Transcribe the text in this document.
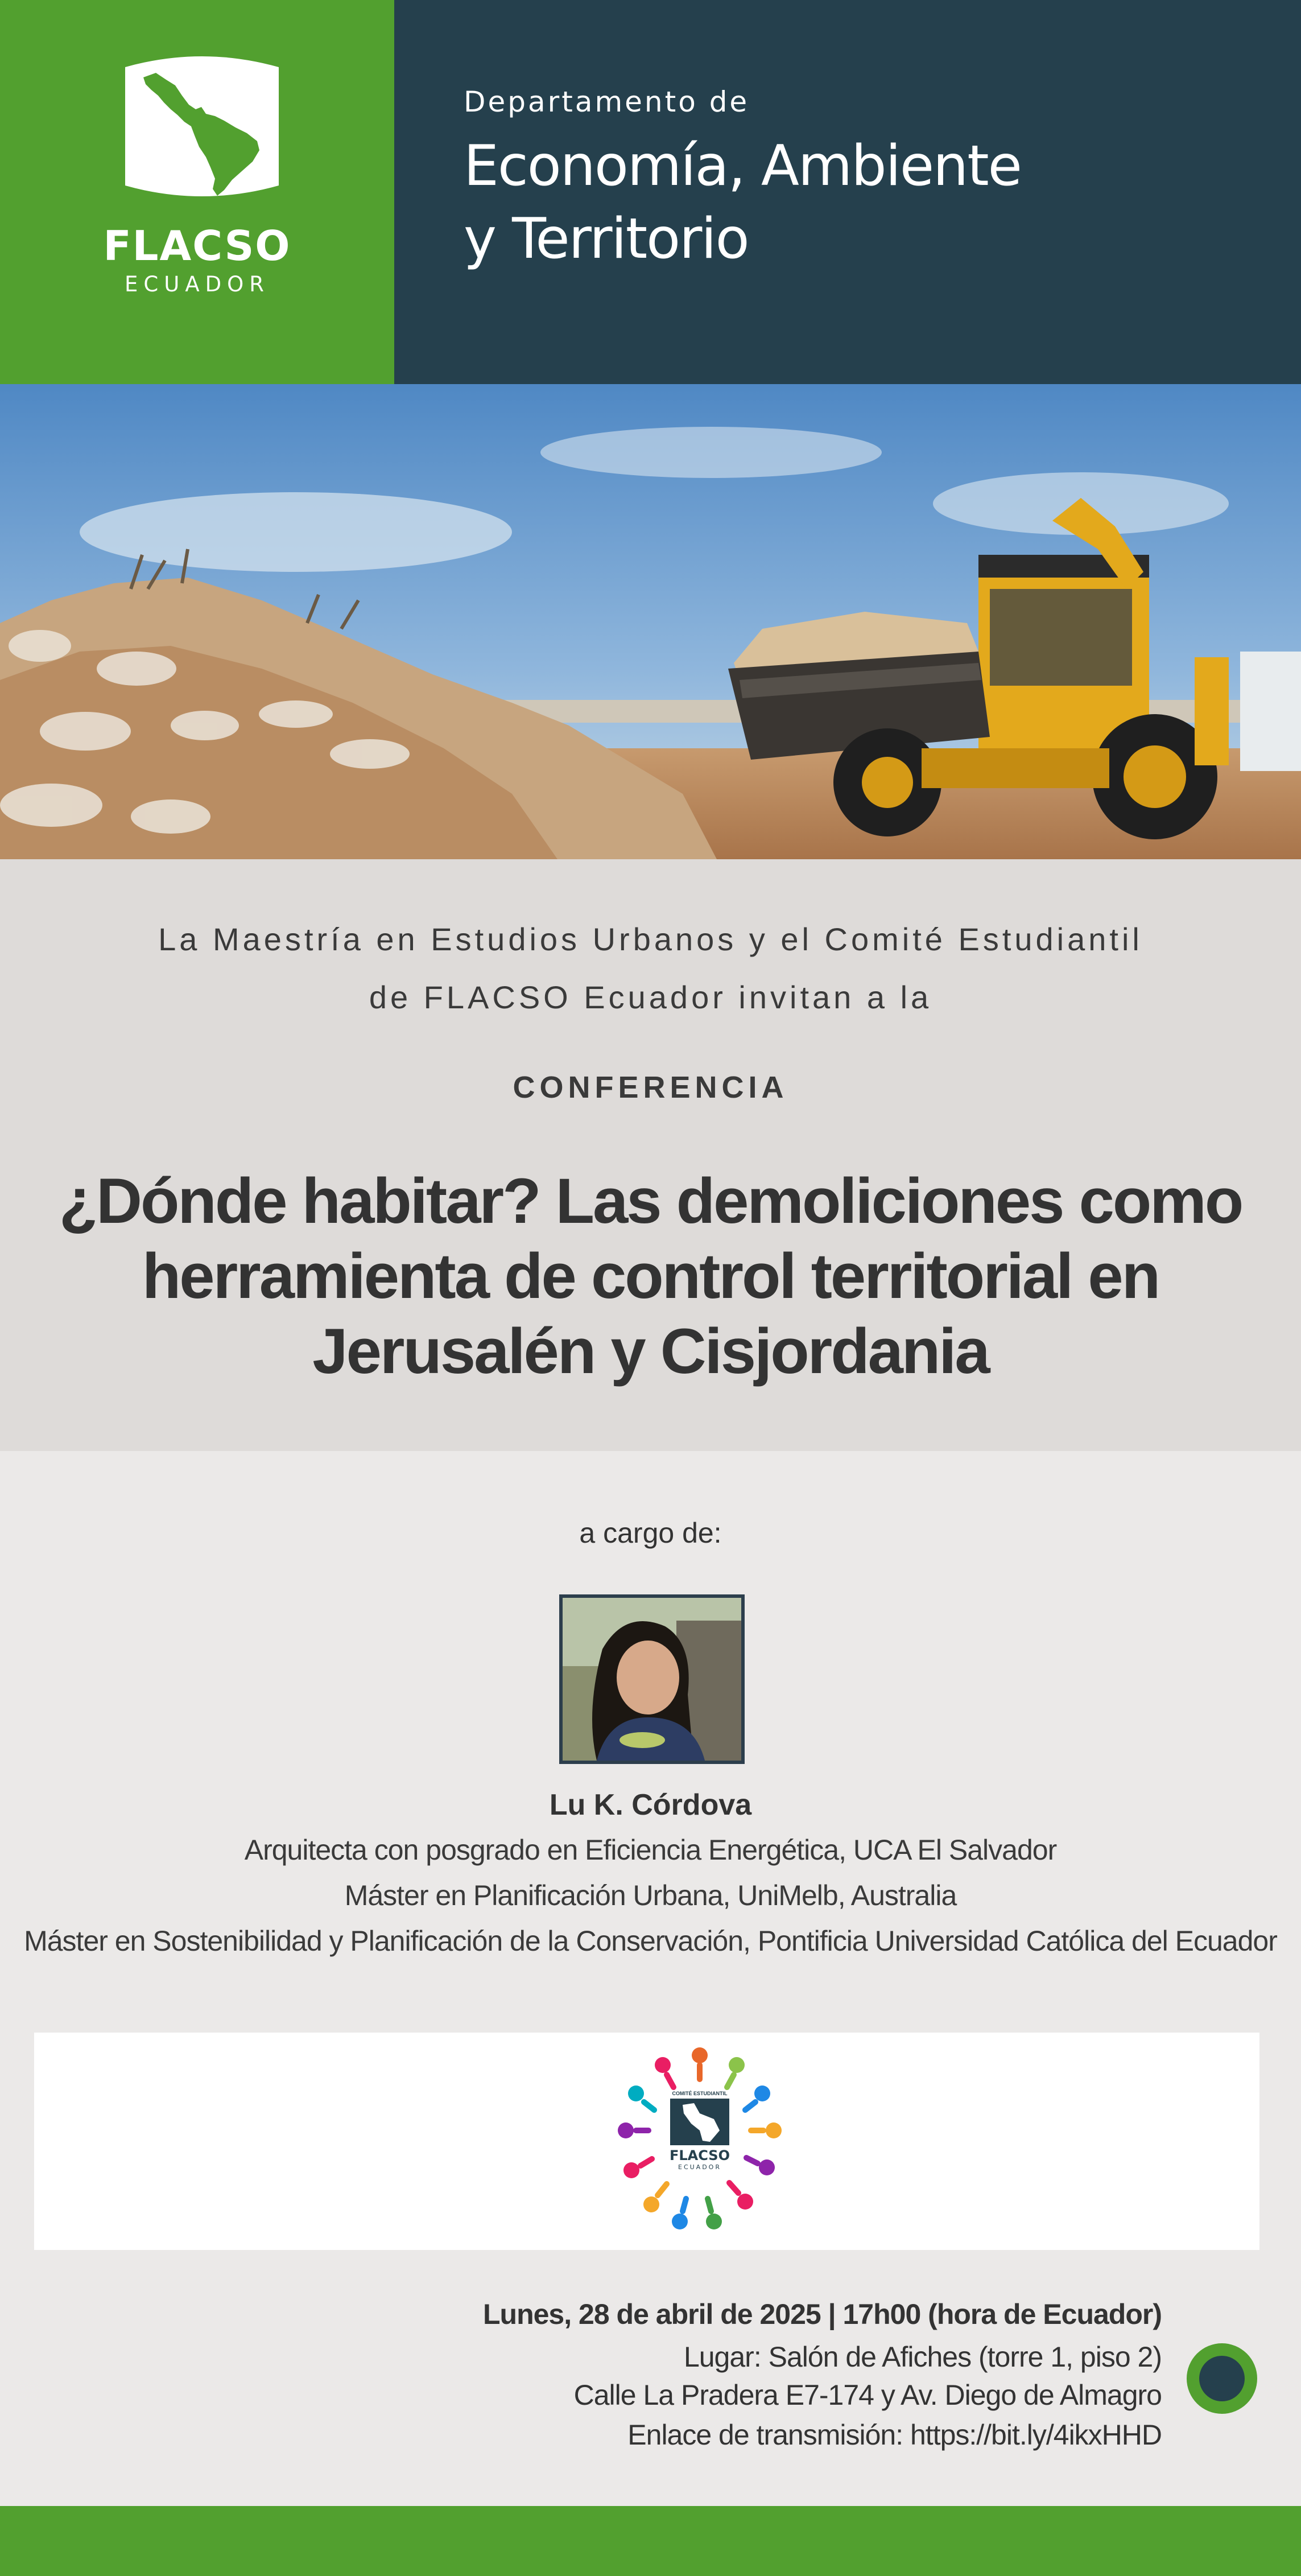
FLACSO
ECUADOR
Departamento de
Economía, Ambiente
y Territorio
La Maestría en Estudios Urbanos y el Comité Estudiantil
de FLACSO Ecuador invitan a la
CONFERENCIA
¿Dónde habitar? Las demoliciones como
herramienta de control territorial en
Jerusalén y Cisjordania
a cargo de:
Lu K. Córdova
Arquitecta con posgrado en Eficiencia Energética, UCA El Salvador
Máster en Planificación Urbana, UniMelb, Australia
Máster en Sostenibilidad y Planificación de la Conservación, Pontificia Universidad Católica del Ecuador
COMITÉ ESTUDIANTIL
FLACSO
ECUADOR
Lunes, 28 de abril de 2025 | 17h00 (hora de Ecuador)
Lugar: Salón de Afiches (torre 1, piso 2)
Calle La Pradera E7-174 y Av. Diego de Almagro
Enlace de transmisión: https://bit.ly/4ikxHHD
